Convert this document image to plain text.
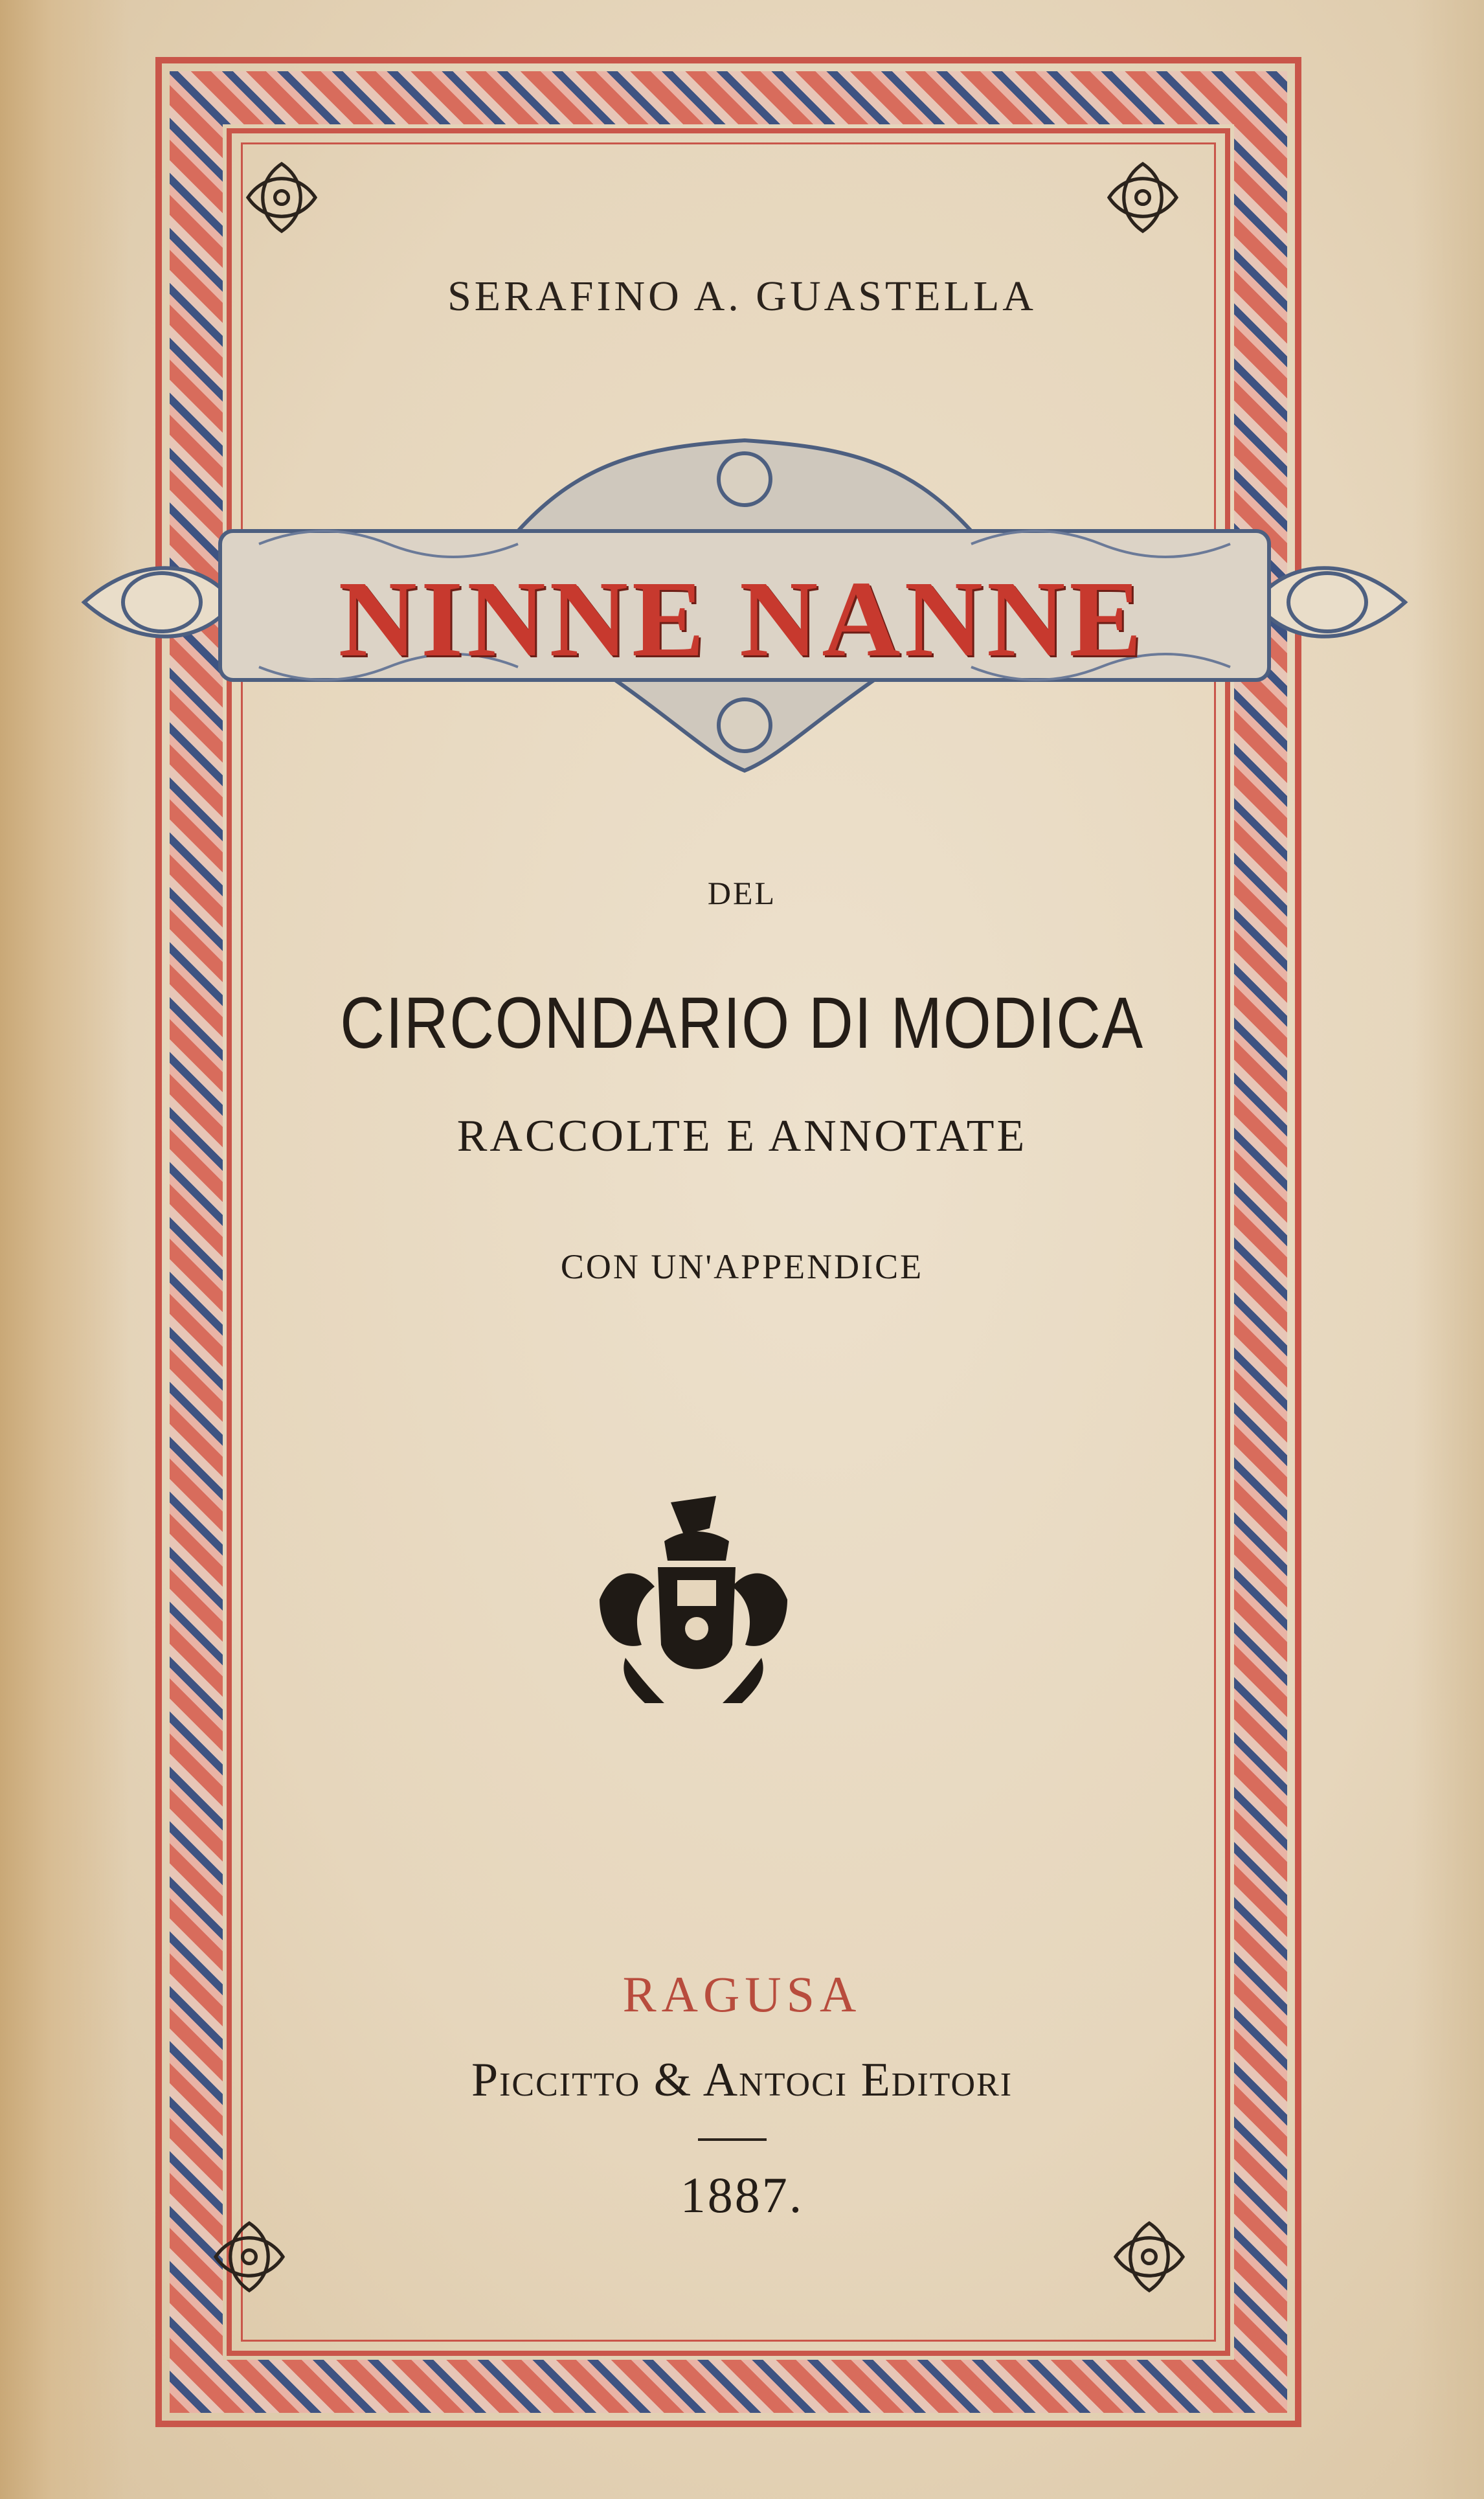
SERAFINO A. GUASTELLA
NINNE NANNE
DEL
CIRCONDARIO DI MODICA
RACCOLTE E ANNOTATE
CON UN'APPENDICE
RAGUSA
Piccitto & Antoci Editori
1887.
